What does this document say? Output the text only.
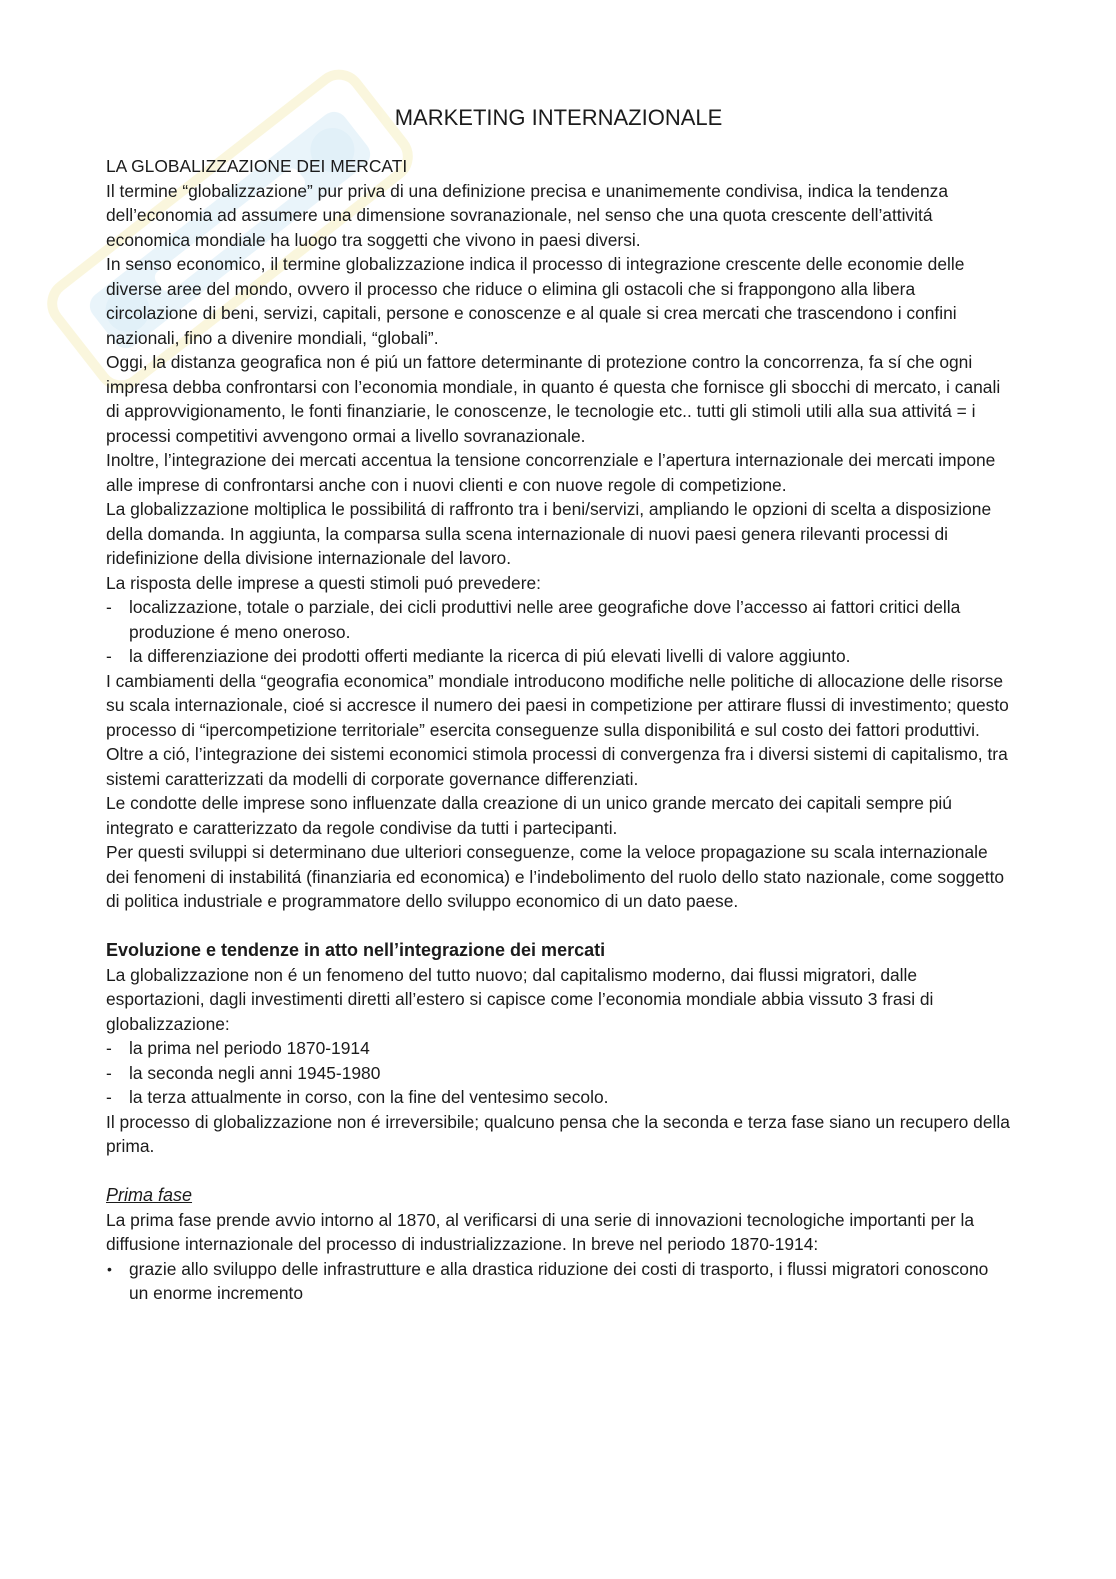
MARKETING INTERNAZIONALE
LA GLOBALIZZAZIONE DEI MERCATI

Il termine “globalizzazione” pur priva di una definizione precisa e unanimemente condivisa, indica la tendenza dell’economia ad assumere una dimensione sovranazionale, nel senso che una quota crescente dell’attivitá economica mondiale ha luogo tra soggetti che vivono in paesi diversi.

In senso economico, il termine globalizzazione indica il processo di integrazione crescente delle economie delle diverse aree del mondo, ovvero il processo che riduce o elimina gli ostacoli che si frappongono alla libera circolazione di beni, servizi, capitali, persone e conoscenze e al quale si crea mercati che trascendono i confini nazionali, fino a divenire mondiali, “globali”.

Oggi, la distanza geografica non é piú un fattore determinante di protezione contro la concorrenza, fa sí che ogni impresa debba confrontarsi con l’economia mondiale, in quanto é questa che fornisce gli sbocchi di mercato, i canali di approvvigionamento, le fonti finanziarie, le conoscenze, le tecnologie etc.. tutti gli stimoli utili alla sua attivitá = i processi competitivi avvengono ormai a livello sovranazionale.

Inoltre, l’integrazione dei mercati accentua la tensione concorrenziale e l’apertura internazionale dei mercati impone alle imprese di confrontarsi anche con i nuovi clienti e con nuove regole di competizione.

La globalizzazione moltiplica le possibilitá di raffronto tra i beni/servizi, ampliando le opzioni di scelta a disposizione della domanda. In aggiunta, la comparsa sulla scena internazionale di nuovi paesi genera rilevanti processi di ridefinizione della divisione internazionale del lavoro.

La risposta delle imprese a questi stimoli puó prevedere:

- localizzazione, totale o parziale, dei cicli produttivi nelle aree geografiche dove l’accesso ai fattori critici della produzione é meno oneroso.
- la differenziazione dei prodotti offerti mediante la ricerca di piú elevati livelli di valore aggiunto.

I cambiamenti della “geografia economica” mondiale introducono modifiche nelle politiche di allocazione delle risorse su scala internazionale, cioé si accresce il numero dei paesi in competizione per attirare flussi di investimento; questo processo di “ipercompetizione territoriale” esercita conseguenze sulla disponibilitá e sul costo dei fattori produttivi.

Oltre a ció, l’integrazione dei sistemi economici stimola processi di convergenza fra i diversi sistemi di capitalismo, tra sistemi caratterizzati da modelli di corporate governance differenziati.

Le condotte delle imprese sono influenzate dalla creazione di un unico grande mercato dei capitali sempre piú integrato e caratterizzato da regole condivise da tutti i partecipanti.

Per questi sviluppi si determinano due ulteriori conseguenze, come la veloce propagazione su scala internazionale dei fenomeni di instabilitá (finanziaria ed economica) e l’indebolimento del ruolo dello stato nazionale, come soggetto di politica industriale e programmatore dello sviluppo economico di un dato paese.

Evoluzione e tendenze in atto nell’integrazione dei mercati

La globalizzazione non é un fenomeno del tutto nuovo; dal capitalismo moderno, dai flussi migratori, dalle esportazioni, dagli investimenti diretti all’estero si capisce come l’economia mondiale abbia vissuto 3 frasi di globalizzazione:

- la prima nel periodo 1870-1914
- la seconda negli anni 1945-1980
- la terza attualmente in corso, con la fine del ventesimo secolo.

Il processo di globalizzazione non é irreversibile; qualcuno pensa che la seconda e terza fase siano un recupero della prima.

Prima fase

La prima fase prende avvio intorno al 1870, al verificarsi di una serie di innovazioni tecnologiche importanti per la diffusione internazionale del processo di industrializzazione. In breve nel periodo 1870-1914:

• grazie allo sviluppo delle infrastrutture e alla drastica riduzione dei costi di trasporto, i flussi migratori conoscono un enorme incremento
